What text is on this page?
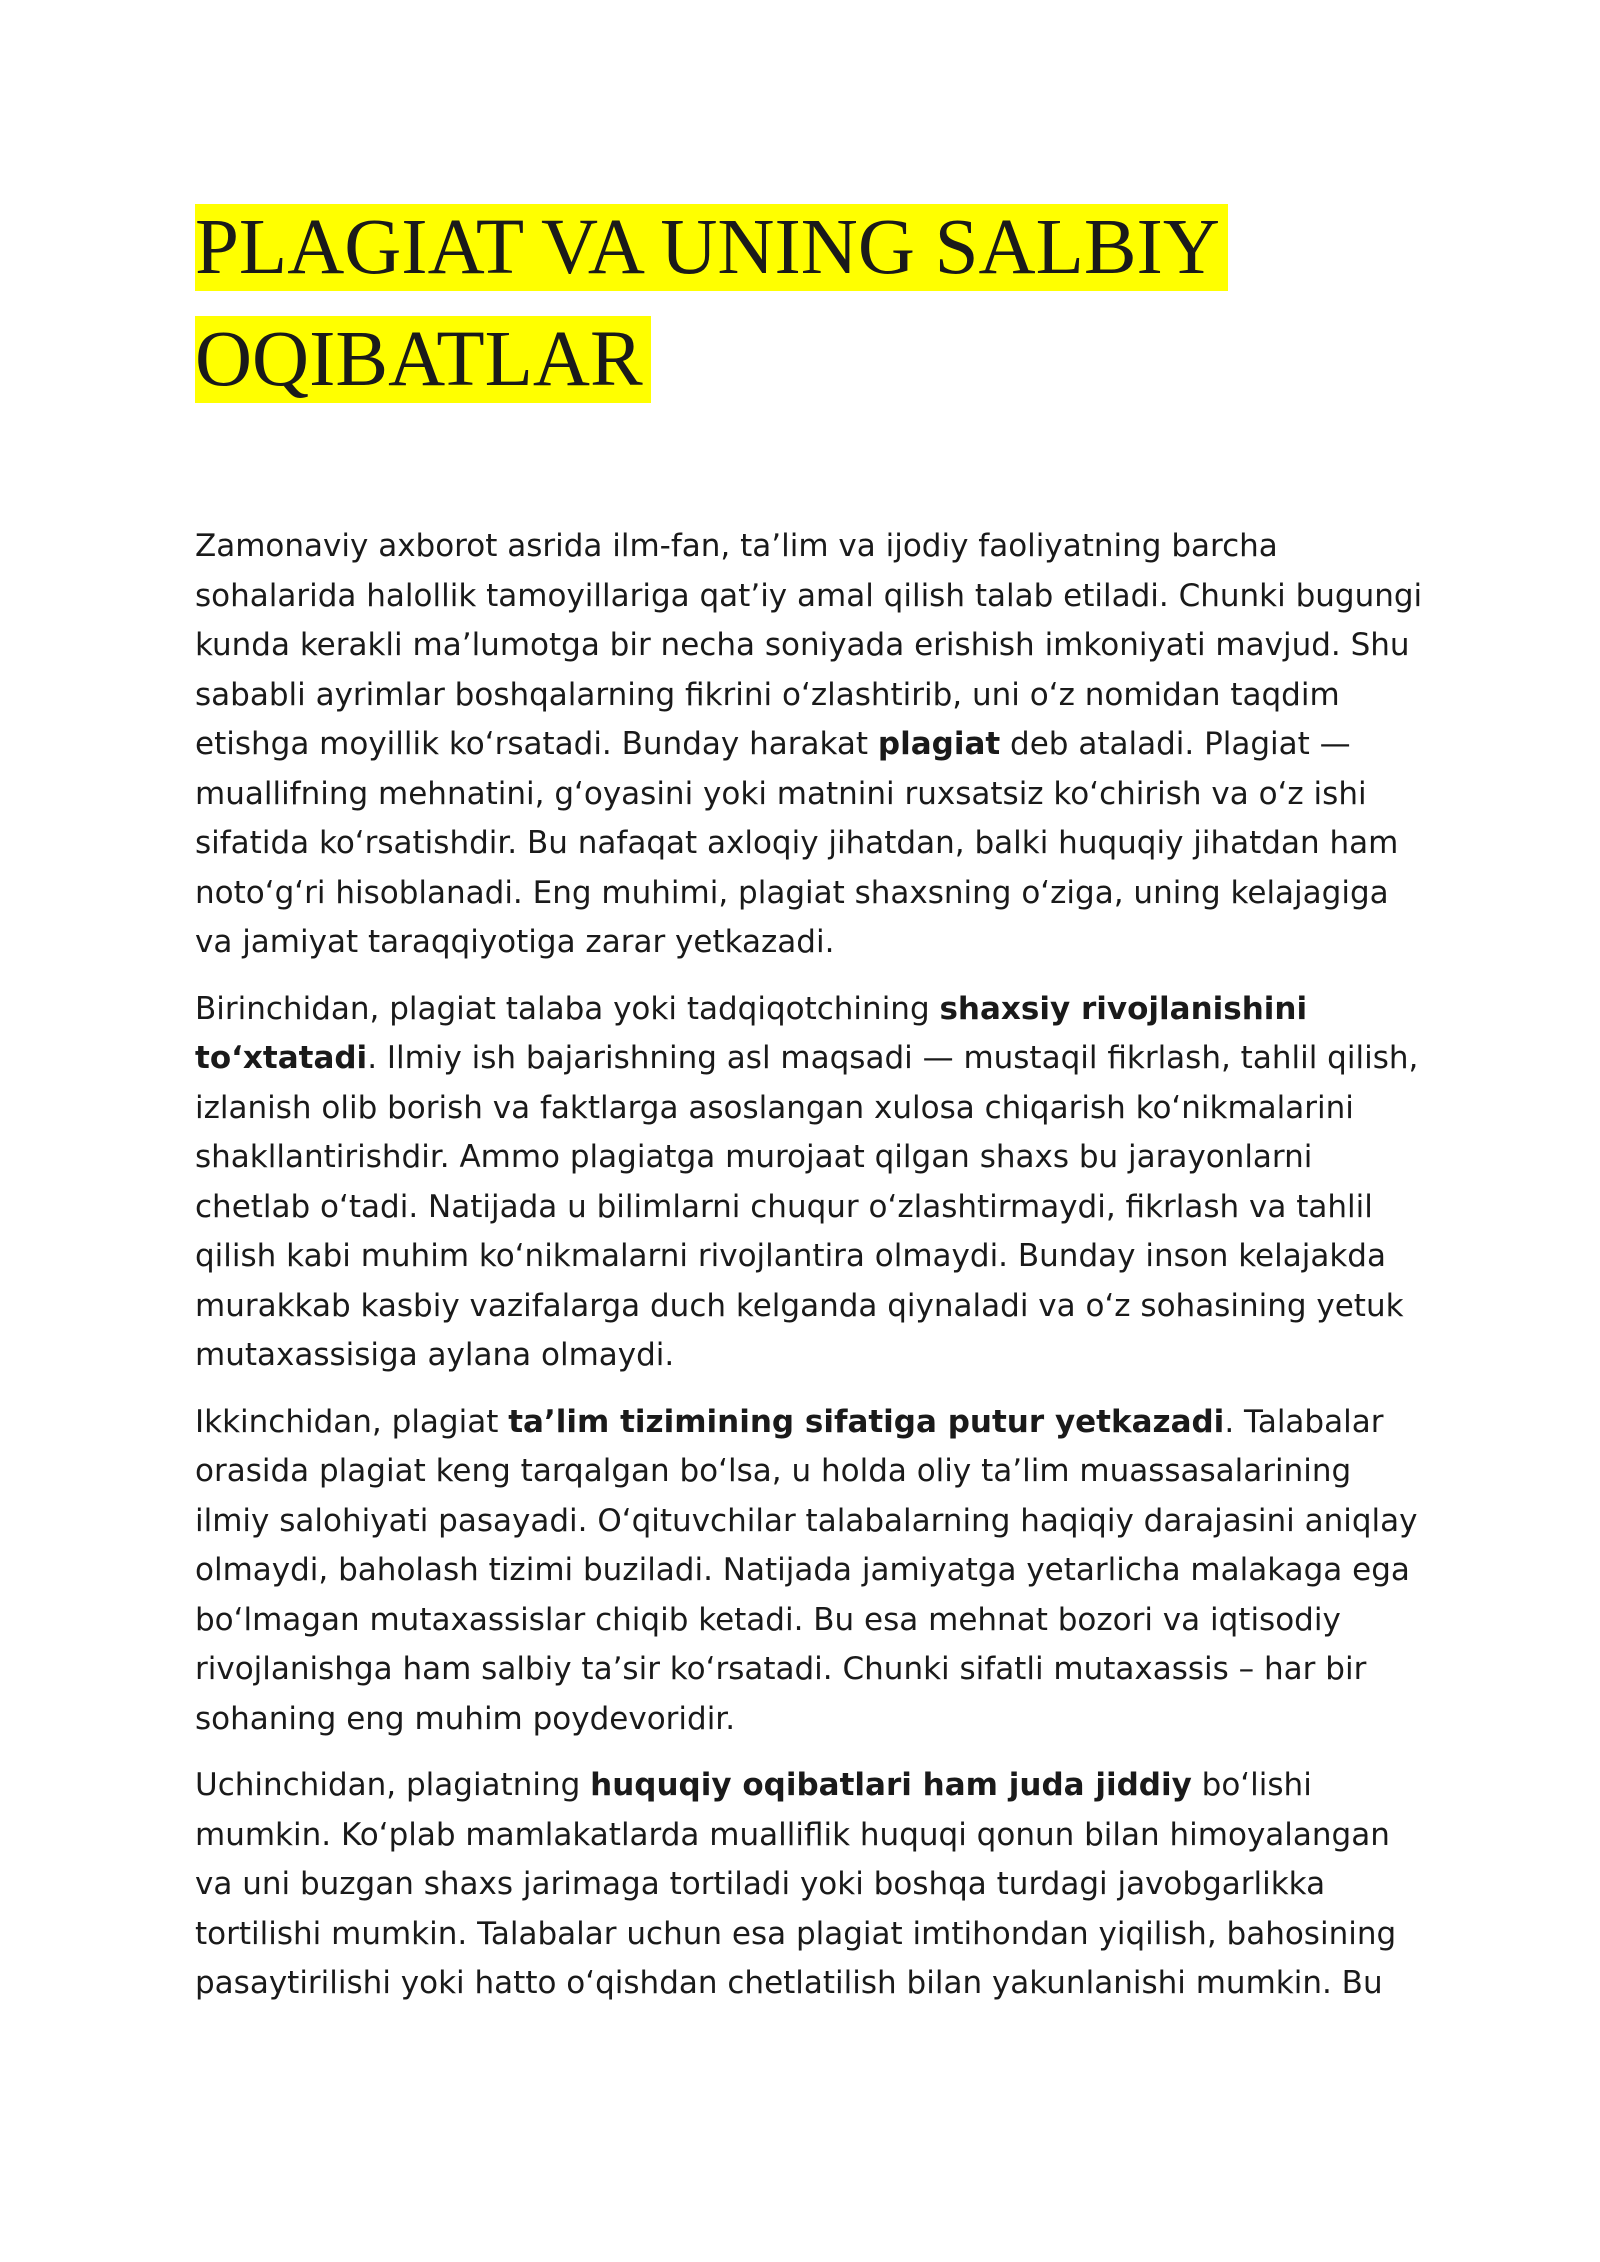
PLAGIAT VA UNING SALBIY OQIBATLAR

Zamonaviy axborot asrida ilm-fan, ta’lim va ijodiy faoliyatning barcha sohalarida halollik tamoyillariga qat’iy amal qilish talab etiladi. Chunki bugungi kunda kerakli ma’lumotga bir necha soniyada erishish imkoniyati mavjud. Shu sababli ayrimlar boshqalarning fikrini oʻzlashtirib, uni oʻz nomidan taqdim etishga moyillik koʻrsatadi. Bunday harakat plagiat deb ataladi. Plagiat — muallifning mehnatini, gʻoyasini yoki matnini ruxsatsiz koʻchirish va oʻz ishi sifatida koʻrsatishdir. Bu nafaqat axloqiy jihatdan, balki huquqiy jihatdan ham notoʻgʻri hisoblanadi. Eng muhimi, plagiat shaxsning oʻziga, uning kelajagiga va jamiyat taraqqiyotiga zarar yetkazadi.

Birinchidan, plagiat talaba yoki tadqiqotchining shaxsiy rivojlanishini toʻxtatadi. Ilmiy ish bajarishning asl maqsadi — mustaqil fikrlash, tahlil qilish, izlanish olib borish va faktlarga asoslangan xulosa chiqarish koʻnikmalarini shakllantirishdir. Ammo plagiatga murojaat qilgan shaxs bu jarayonlarni chetlab oʻtadi. Natijada u bilimlarni chuqur oʻzlashtirmaydi, fikrlash va tahlil qilish kabi muhim koʻnikmalarni rivojlantira olmaydi. Bunday inson kelajakda murakkab kasbiy vazifalarga duch kelganda qiynaladi va oʻz sohasining yetuk mutaxassisiga aylana olmaydi.

Ikkinchidan, plagiat ta’lim tizimining sifatiga putur yetkazadi. Talabalar orasida plagiat keng tarqalgan boʻlsa, u holda oliy ta’lim muassasalarining ilmiy salohiyati pasayadi. Oʻqituvchilar talabalarning haqiqiy darajasini aniqlay olmaydi, baholash tizimi buziladi. Natijada jamiyatga yetarlicha malakaga ega boʻlmagan mutaxassislar chiqib ketadi. Bu esa mehnat bozori va iqtisodiy rivojlanishga ham salbiy ta’sir koʻrsatadi. Chunki sifatli mutaxassis – har bir sohaning eng muhim poydevoridir.

Uchinchidan, plagiatning huquqiy oqibatlari ham juda jiddiy boʻlishi mumkin. Koʻplab mamlakatlarda mualliflik huquqi qonun bilan himoyalangan va uni buzgan shaxs jarimaga tortiladi yoki boshqa turdagi javobgarlikka tortilishi mumkin. Talabalar uchun esa plagiat imtihondan yiqilish, bahosining pasaytirilishi yoki hatto oʻqishdan chetlatilish bilan yakunlanishi mumkin. Bu
